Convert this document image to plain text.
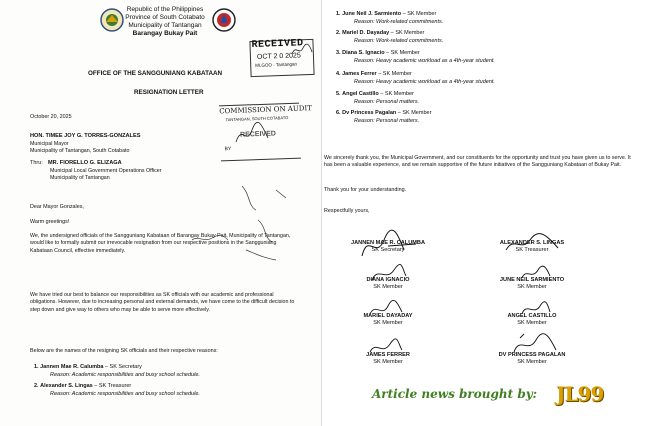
Republic of the Philippines
Province of South Cotabato
Municipality of Tantangan
Barangay Bukay Pait
RECEIVED
OCT 2 0 2025
MLGOO - Tantangan
OFFICE OF THE SANGGUNIANG KABATAAN
RESIGNATION LETTER
COMMISSION ON AUDIT
TANTANGAN, SOUTH COTABATO
RECEIVED
BY
October 20, 2025
HON. TIMEE JOY G. TORRES-GONZALES
Municipal Mayor
Municipality of Tantangan, South Cotabato
Thru: MR. FIORELLO G. ELIZAGA
Municipal Local Government Operations Officer
Municipality of Tantangan
Dear Mayor Gonzales,
Warm greetings!
We, the undersigned officials of the Sangguniang Kabataan of Barangay Bukay Pait, Municipality of Tantangan, would like to formally submit our irrevocable resignation from our respective positions in the Sangguniang Kabataan Council, effective immediately.
We have tried our best to balance our responsibilities as SK officials with our academic and professional obligations. However, due to increasing personal and external demands, we have come to the difficult decision to step down and give way to others who may be able to serve more effectively.
Below are the names of the resigning SK officials and their respective reasons:
1. Jannen Mae R. Calumba – SK Secretary
Reason: Academic responsibilities and busy school schedule.
2. Alexander S. Lingas – SK Treasurer
Reason: Academic responsibilities and busy school schedule.
1. June Neil J. Sarmiento – SK Member
Reason: Work-related commitments.
2. Mariel D. Dayaday – SK Member
Reason: Work-related commitments.
3. Diana S. Ignacio – SK Member
Reason: Heavy academic workload as a 4th-year student.
4. James Ferrer – SK Member
Reason: Heavy academic workload as a 4th-year student.
5. Angel Castillo – SK Member
Reason: Personal matters.
6. Dv Princess Pagalan – SK Member
Reason: Personal matters.
We sincerely thank you, the Municipal Government, and our constituents for the opportunity and trust you have given us to serve. It has been a valuable experience, and we remain supportive of the future initiatives of the Sangguniang Kabataan of Bukay Pait.
Thank you for your understanding.
Respectfully yours,
JANNEN MAE R. CALUMBA
SK Secretary
ALEXANDER S. LINGAS
SK Treasurer
DIANA IGNACIO
SK Member
JUNE NEIL SARMIENTO
SK Member
MARIEL DAYADAY
SK Member
ANGEL CASTILLO
SK Member
JAMES FERRER
SK Member
DV PRINCESS PAGALAN
SK Member
Article news brought by: JL99
